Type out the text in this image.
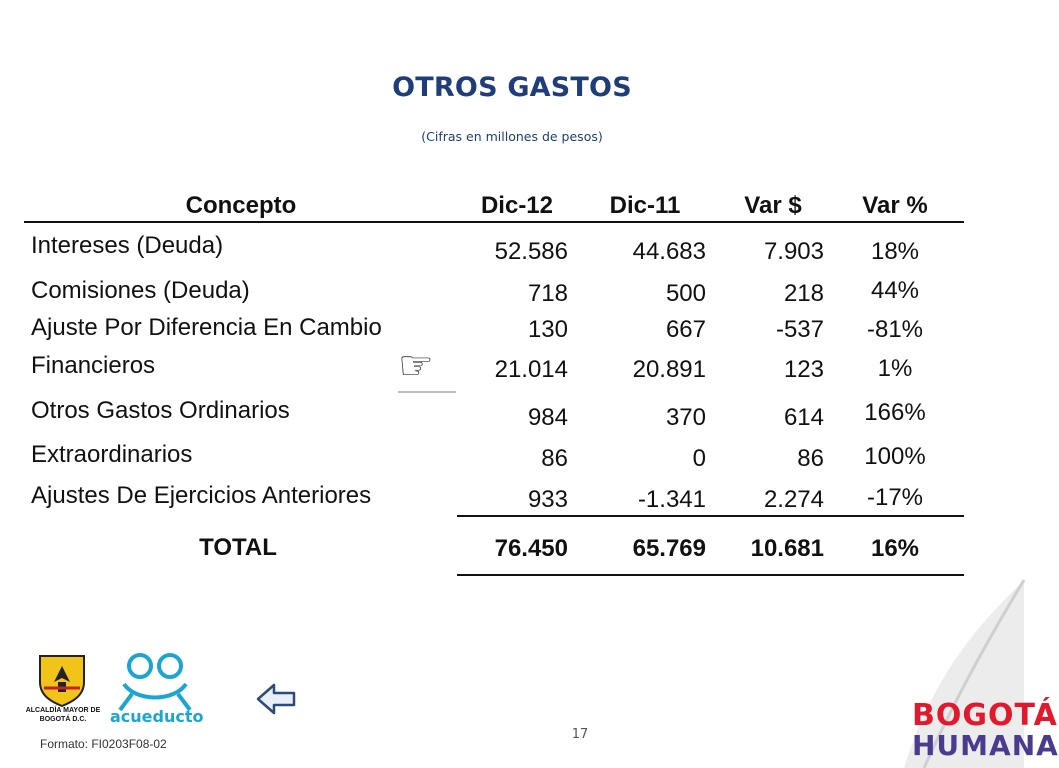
OTROS GASTOS
(Cifras en millones de pesos)
Concepto	Dic-12	Dic-11	Var $	Var %
Intereses (Deuda)	52.586	44.683	7.903	18%
Comisiones (Deuda)	718	500	218	44%
Ajuste Por Diferencia En Cambio	130	667	-537	-81%
Financieros	21.014	20.891	123	1%
☞
Otros Gastos Ordinarios	984	370	614	166%
Extraordinarios	86	0	86	100%
Ajustes De Ejercicios Anteriores	933	-1.341	2.274	-17%
TOTAL	76.450	65.769	10.681	16%
ALCALDÍA MAYOR DE BOGOTÁ D.C.	acueducto
17
Formato: FI0203F08-02
BOGOTÁ
HUMANA
